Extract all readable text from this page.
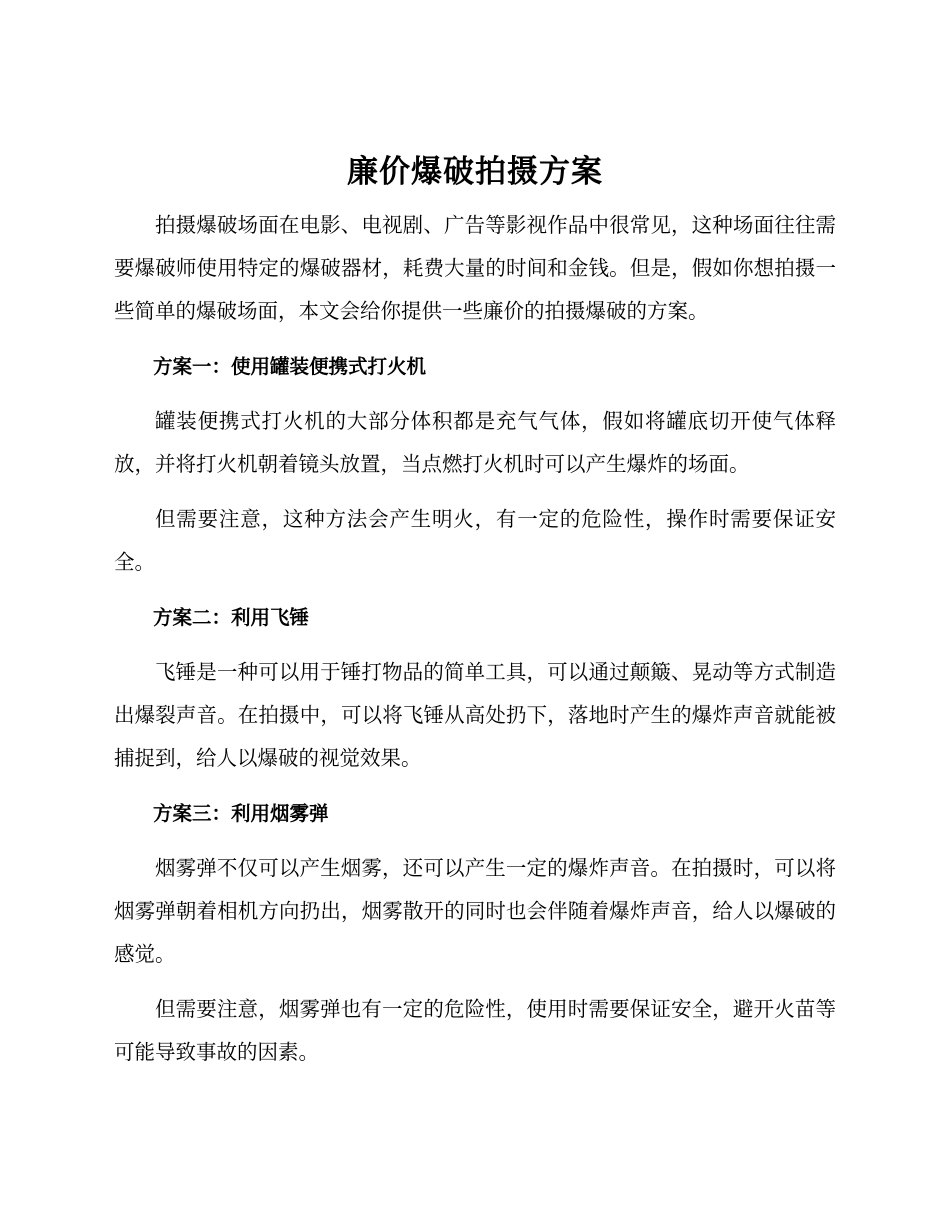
廉价爆破拍摄方案

拍摄爆破场面在电影、电视剧、广告等影视作品中很常见，这种场面往往需要爆破师使用特定的爆破器材，耗费大量的时间和金钱。但是，假如你想拍摄一些简单的爆破场面，本文会给你提供一些廉价的拍摄爆破的方案。

方案一：使用罐装便携式打火机

罐装便携式打火机的大部分体积都是充气气体，假如将罐底切开使气体释放，并将打火机朝着镜头放置，当点燃打火机时可以产生爆炸的场面。

但需要注意，这种方法会产生明火，有一定的危险性，操作时需要保证安全。

方案二：利用飞锤

飞锤是一种可以用于锤打物品的简单工具，可以通过颠簸、晃动等方式制造出爆裂声音。在拍摄中，可以将飞锤从高处扔下，落地时产生的爆炸声音就能被捕捉到，给人以爆破的视觉效果。

方案三：利用烟雾弹

烟雾弹不仅可以产生烟雾，还可以产生一定的爆炸声音。在拍摄时，可以将烟雾弹朝着相机方向扔出，烟雾散开的同时也会伴随着爆炸声音，给人以爆破的感觉。

但需要注意，烟雾弹也有一定的危险性，使用时需要保证安全，避开火苗等可能导致事故的因素。
